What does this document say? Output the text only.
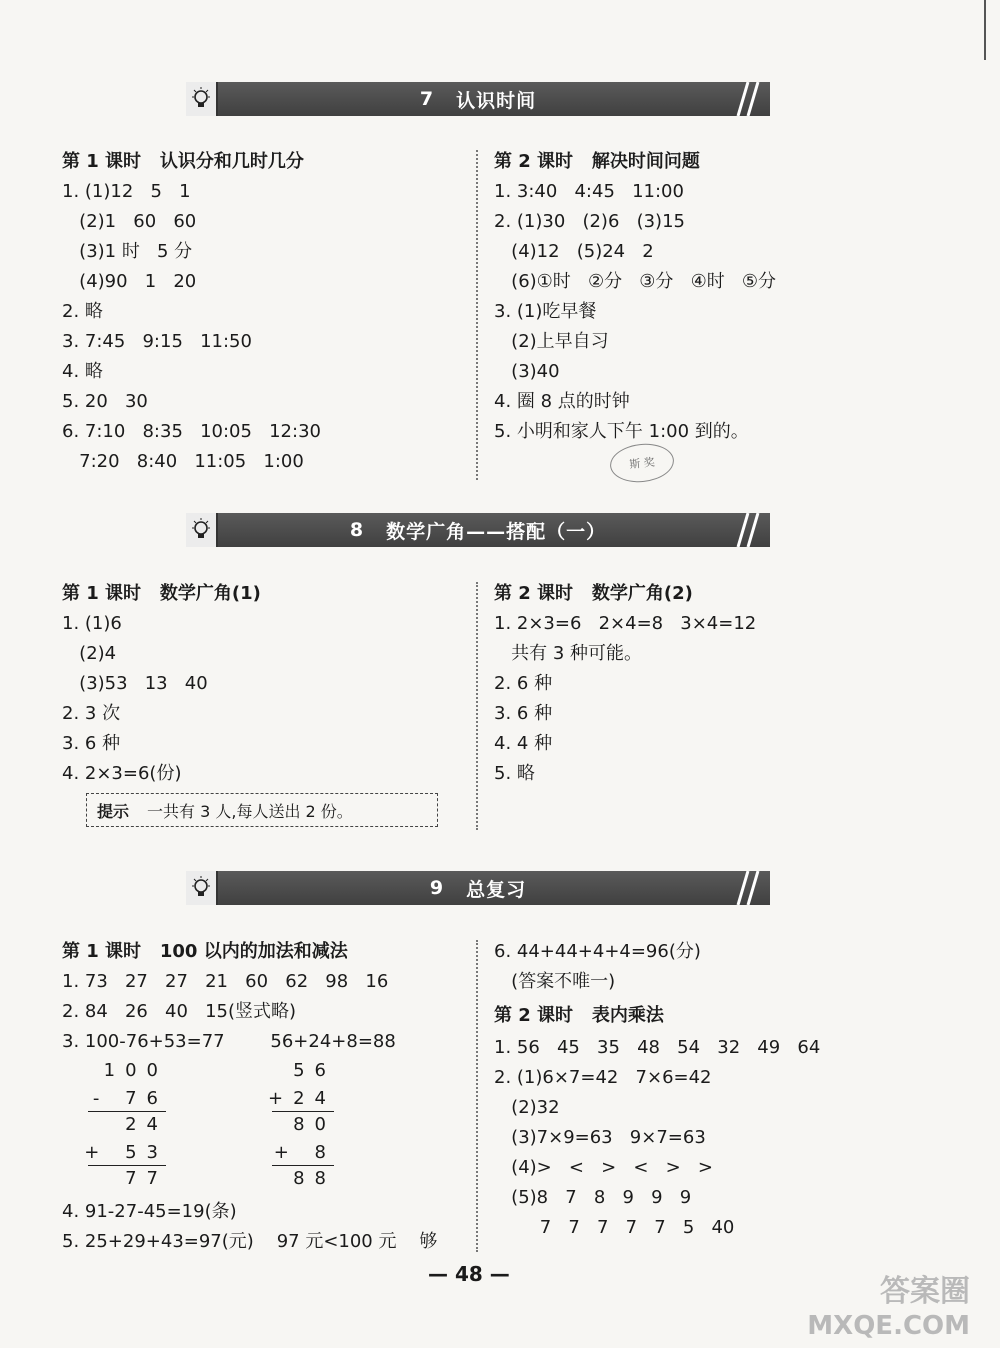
7 认识时间
第 1 课时   认识分和几时几分
1. (1)12   5   1
(2)1   60   60
(3)1 时   5 分
(4)90   1   20
2. 略
3. 7:45   9:15   11:50
4. 略
5. 20   30
6. 7:10   8:35   10:05   12:30
7:20   8:40   11:05   1:00
第 2 课时   解决时间问题
1. 3:40   4:45   11:00
2. (1)30   (2)6   (3)15
(4)12   (5)24   2
(6)①时   ②分   ③分   ④时   ⑤分
3. (1)吃早餐
(2)上早自习
(3)40
4. 圈 8 点的时钟
5. 小明和家人下午 1:00 到的。
斯 奖
8 数学广角——搭配（一）
第 1 课时   数学广角(1)
1. (1)6
(2)4
(3)53   13   40
2. 3 次
3. 6 种
4. 2×3=6(份)
提示 一共有 3 人,每人送出 2 份。
第 2 课时   数学广角(2)
1. 2×3=6   2×4=8   3×4=12
共有 3 种可能。
2. 6 种
3. 6 种
4. 4 种
5. 略
9 总复习
第 1 课时   100 以内的加法和减法
1. 73   27   27   21   60   62   98   16
2. 84   26   40   15(竖式略)
3. 100-76+53=77        56+24+8=88
4. 91-27-45=19(条)
5. 25+29+43=97(元)    97 元<100 元    够
100
- 76
24
+ 53
77
56
+24
80
+ 8
88
6. 44+44+4+4=96(分)
(答案不唯一)
第 2 课时   表内乘法
1. 56   45   35   48   54   32   49   64
2. (1)6×7=42   7×6=42
(2)32
(3)7×9=63   9×7=63
(4)>   <   >   <   >   >
(5)8   7   8   9   9   9
7   7   7   7   7   5   40
— 48 —	答案圈
MXQE.COM
